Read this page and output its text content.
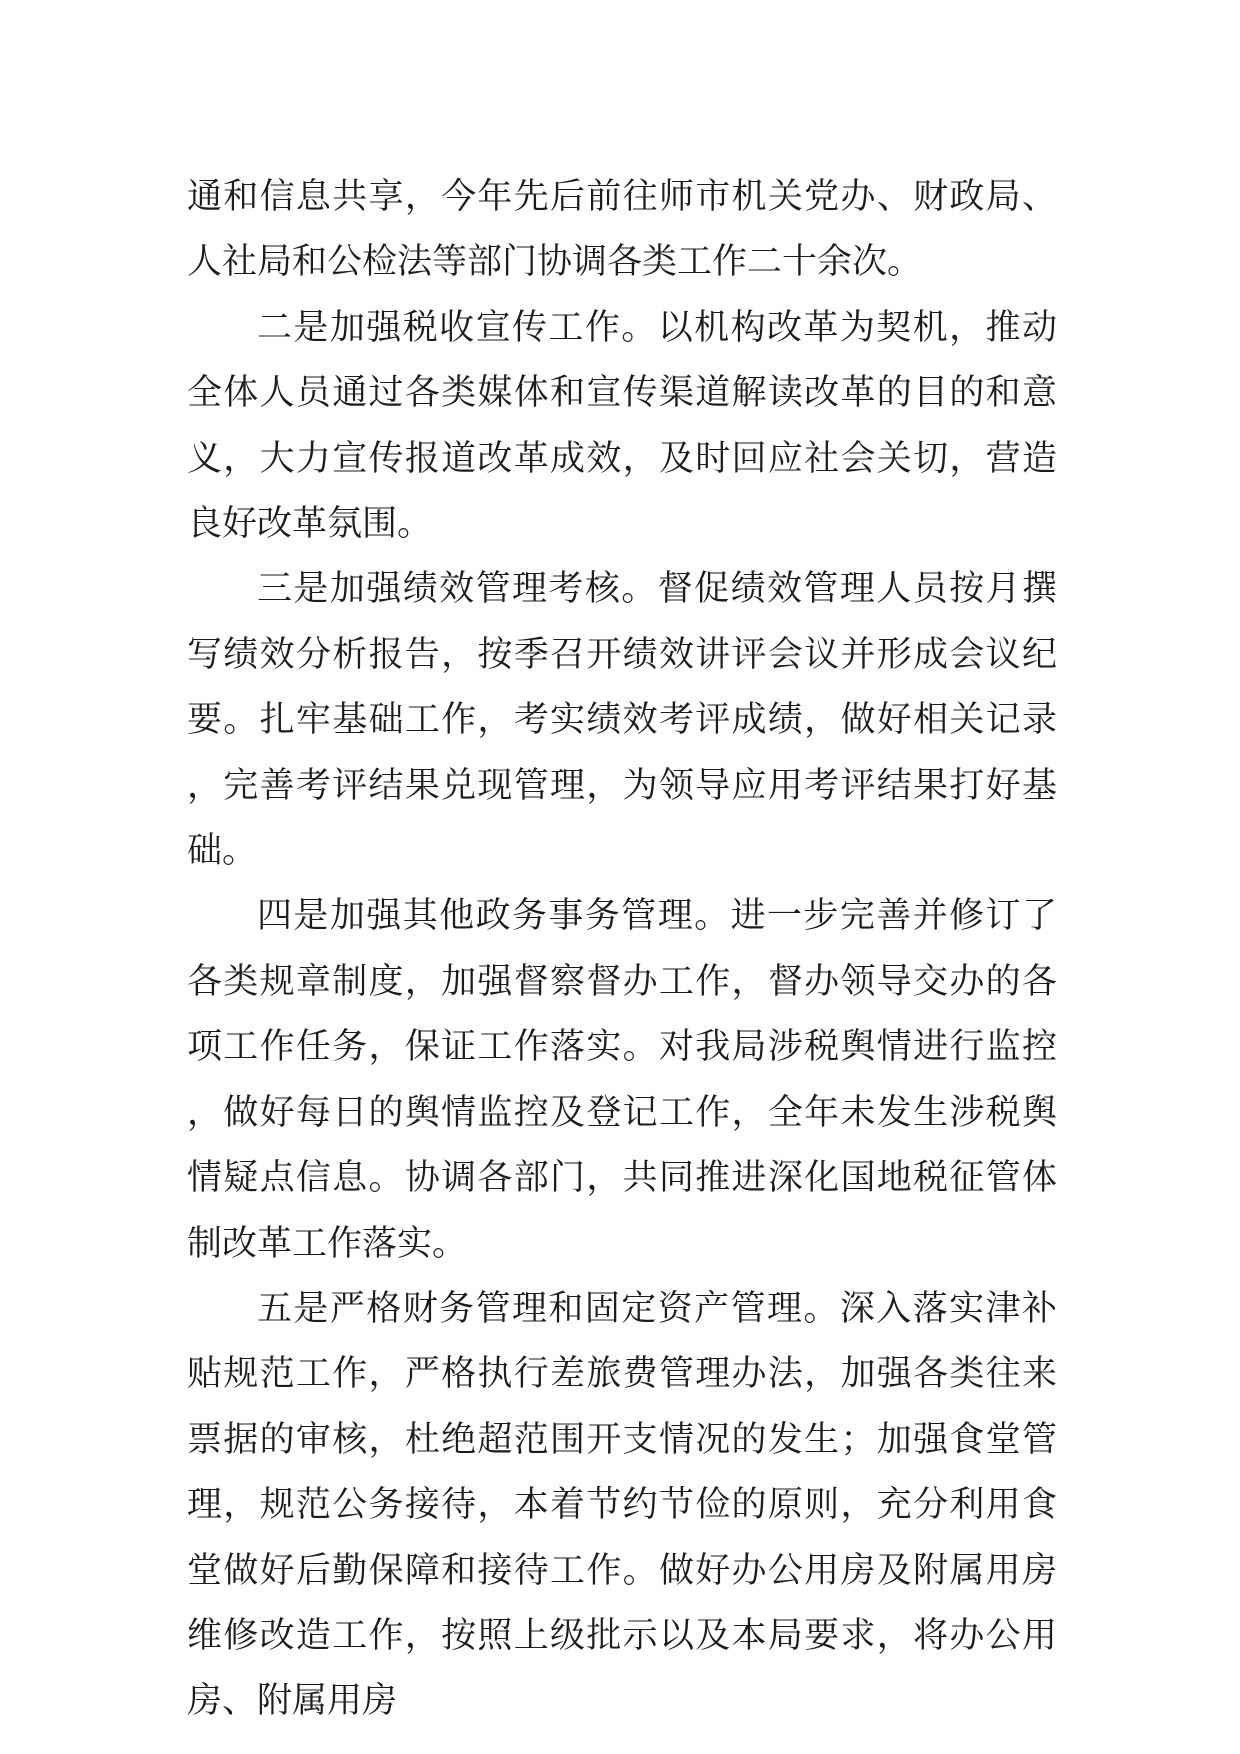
通和信息共享，今年先后前往师市机关党办、财政局、人社局和公检法等部门协调各类工作二十余次。

二是加强税收宣传工作。以机构改革为契机，推动全体人员通过各类媒体和宣传渠道解读改革的目的和意义，大力宣传报道改革成效，及时回应社会关切，营造良好改革氛围。

三是加强绩效管理考核。督促绩效管理人员按月撰写绩效分析报告，按季召开绩效讲评会议并形成会议纪要。扎牢基础工作，考实绩效考评成绩，做好相关记录，完善考评结果兑现管理，为领导应用考评结果打好基础。

四是加强其他政务事务管理。进一步完善并修订了各类规章制度，加强督察督办工作，督办领导交办的各项工作任务，保证工作落实。对我局涉税舆情进行监控，做好每日的舆情监控及登记工作，全年未发生涉税舆情疑点信息。协调各部门，共同推进深化国地税征管体制改革工作落实。

五是严格财务管理和固定资产管理。深入落实津补贴规范工作，严格执行差旅费管理办法，加强各类往来票据的审核，杜绝超范围开支情况的发生；加强食堂管理，规范公务接待，本着节约节俭的原则，充分利用食堂做好后勤保障和接待工作。做好办公用房及附属用房维修改造工作，按照上级批示以及本局要求，将办公用房、附属用房
